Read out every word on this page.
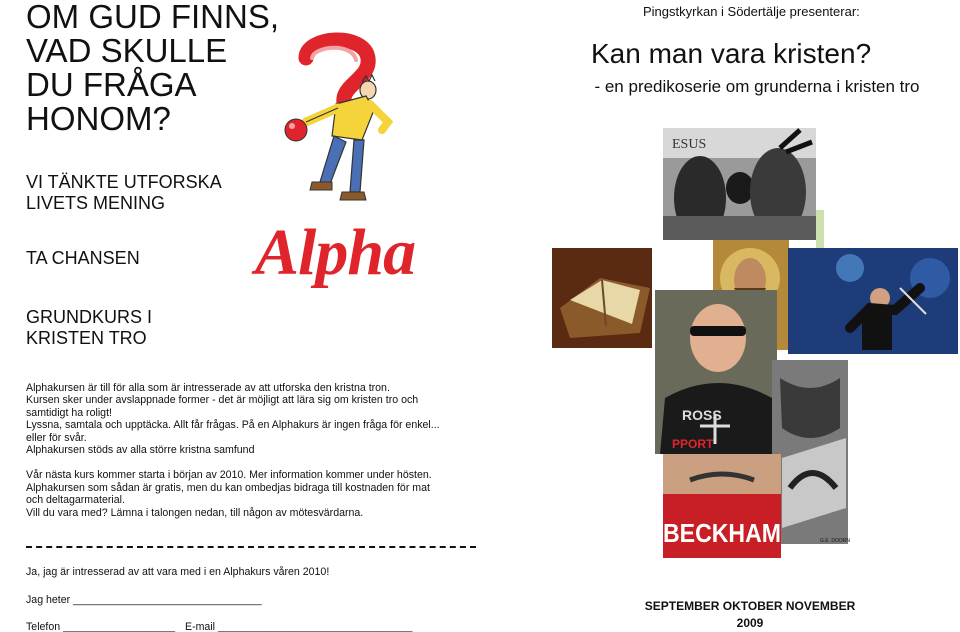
OM GUD FINNS,
VAD SKULLE
DU FRÅGA
HONOM?
VI TÄNKTE UTFORSKA
LIVETS MENING
TA CHANSEN
GRUNDKURS I
KRISTEN TRO
Alpha

Alphakursen är till för alla som är intresserade av att utforska den kristna tron.

Kursen sker under avslappnade former - det är möjligt att lära sig om kristen tro och samtidigt ha roligt!

Lyssna, samtala och upptäcka. Allt får frågas. På en Alphakurs är ingen fråga för enkel... eller för svår.

Alphakursen stöds av alla större kristna samfund

Vår nästa kurs kommer starta i början av 2010. Mer information kommer under hösten.

Alphakursen som sådan är gratis, men du kan ombedjas bidraga till kostnaden för mat och deltagarmaterial.

Vill du vara med? Lämna i talongen nedan, till någon av mötesvärdarna.

Ja, jag är intresserad av att vara med i en Alphakurs våren 2010!
Jag heter ________________________________
Telefon ___________________ E-mail _________________________________
Pingstkyrkan i Södertälje presenterar:
Kan man vara kristen?
- en predikoserie om grunderna i kristen tro
ESUS
ROSS
PPORT
G.E. DOORN
BECKHAM
SEPTEMBER OKTOBER NOVEMBER
2009
